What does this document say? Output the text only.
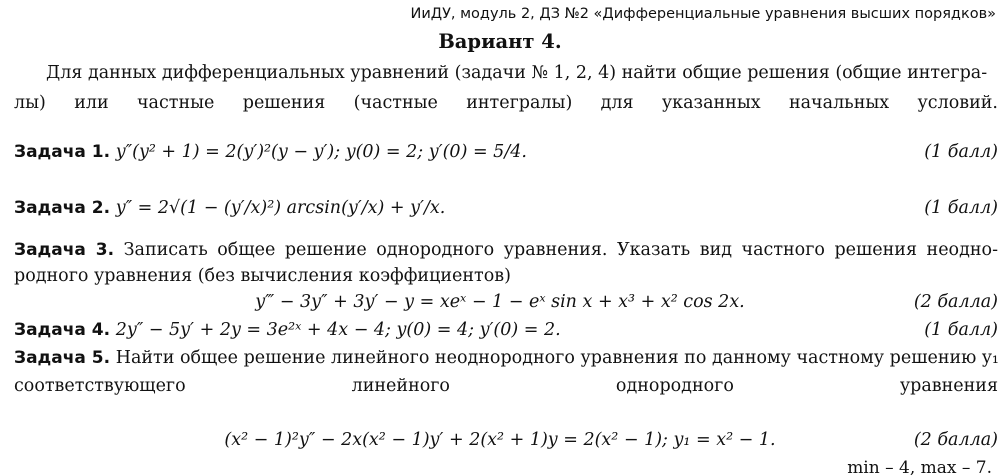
ИиДУ, модуль 2, ДЗ №2 «Дифференциальные уравнения высших порядков»
Вариант 4.
Для данных дифференциальных уравнений (задачи № 1, 2, 4) найти общие решения (общие интегра-
лы) или частные решения (частные интегралы) для указанных начальных условий.
Задача 1. y″(y² + 1) = 2(y′)²(y − y′); y(0) = 2; y′(0) = 5/4.	(1 балл)
Задача 2. y″ = 2√(1 − (y′/x)²) arcsin(y′/x) + y′/x.	(1 балл)
Задача 3. Записать общее решение однородного уравнения. Указать вид частного решения неодно-
родного уравнения (без вычисления коэффициентов)
y‴ − 3y″ + 3y′ − y = xeˣ − 1 − eˣ sin x + x³ + x² cos 2x.	(2 балла)
Задача 4. 2y″ − 5y′ + 2y = 3e²ˣ + 4x − 4; y(0) = 4; y′(0) = 2.	(1 балл)
Задача 5. Найти общее решение линейного неоднородного уравнения по данному частному решению y₁
соответствующего линейного однородного уравнения
(x² − 1)²y″ − 2x(x² − 1)y′ + 2(x² + 1)y = 2(x² − 1); y₁ = x² − 1.	(2 балла)
min – 4, max – 7.
